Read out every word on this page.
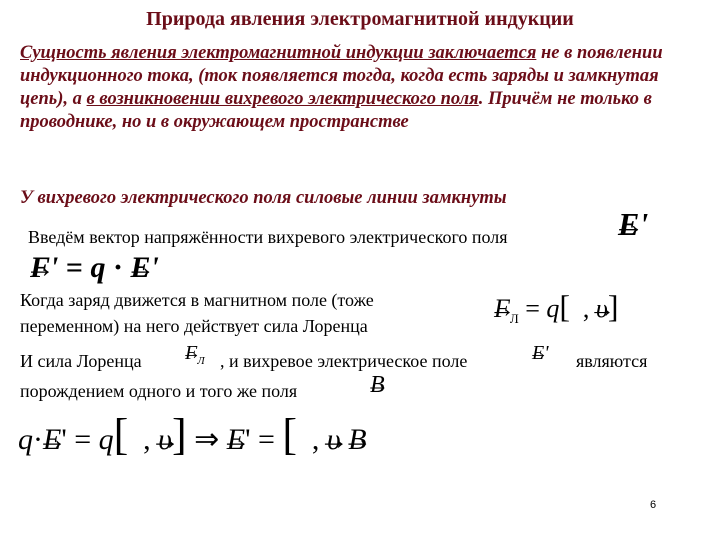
Природа явления электромагнитной индукции
Сущность явления электромагнитной индукции заключается не в появлении индукционного тока, (ток появляется тогда, когда есть заряды и замкнутая цепь), а в возникновении вихревого электрического поля. Причём не только в проводнике, но и в окружающем пространстве
У вихревого электрического поля силовые линии замкнуты
Введём вектор напряжённости вихревого электрического поля	→ E'
→ F' = q · → E'
Когда заряд движется в магнитном поле (тоже
переменном) на него действует сила Лоренца
→ $F_Л = q$[ , → υ]
И сила Лоренца → $F_Л$ , и вихревое электрическое поле	→ E' являются
порождением одного и того же поля	→ B
q·→ E' = q[ , → υ] ⇒ → E' = [ , → υ → B
6
